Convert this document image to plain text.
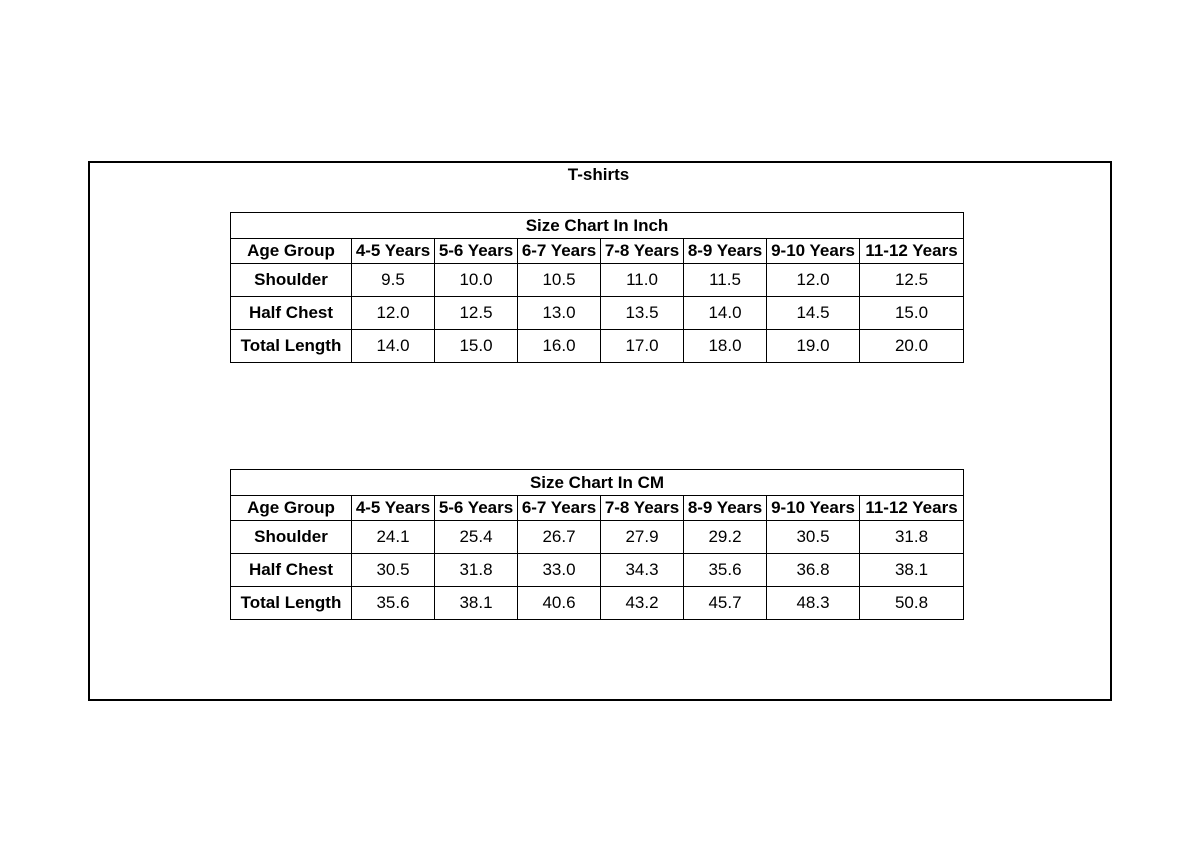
T-shirts
Size Chart In Inch							
Age Group	4-5 Years	5-6 Years	6-7 Years	7-8 Years	8-9 Years	9-10 Years	11-12 Years
Shoulder	9.5	10.0	10.5	11.0	11.5	12.0	12.5
Half Chest	12.0	12.5	13.0	13.5	14.0	14.5	15.0
Total Length	14.0	15.0	16.0	17.0	18.0	19.0	20.0
Size Chart In CM							
Age Group	4-5 Years	5-6 Years	6-7 Years	7-8 Years	8-9 Years	9-10 Years	11-12 Years
Shoulder	24.1	25.4	26.7	27.9	29.2	30.5	31.8
Half Chest	30.5	31.8	33.0	34.3	35.6	36.8	38.1
Total Length	35.6	38.1	40.6	43.2	45.7	48.3	50.8
